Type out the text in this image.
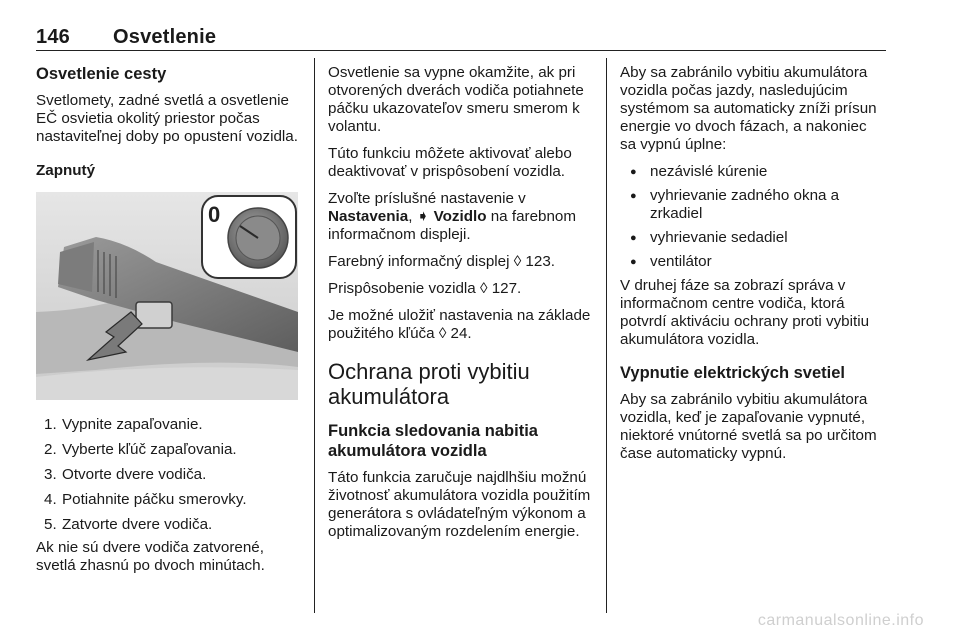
146 Osvetlenie
Osvetlenie cesty

Svetlomety, zadné svetlá a osvetlenie EČ osvietia okolitý priestor počas nastaviteľnej doby po opustení vozidla.

Zapnutý
0
1. Vypnite zapaľovanie.
2. Vyberte kľúč zapaľovania.
3. Otvorte dvere vodiča.
4. Potiahnite páčku smerovky.
5. Zatvorte dvere vodiča.

Ak nie sú dvere vodiča zatvorené, svetlá zhasnú po dvoch minútach.

Osvetlenie sa vypne okamžite, ak pri otvorených dverách vodiča potiahnete páčku ukazovateľov smeru smerom k volantu.

Túto funkciu môžete aktivovať alebo deaktivovať v prispôsobení vozidla.

Zvoľte príslušné nastavenie v
Nastavenia, ➧ Vozidlo na farebnom informačnom displeji.

Farebný informačný displej ◊ 123.

Prispôsobenie vozidla ◊ 127.

Je možné uložiť nastavenia na základe použitého kľúča ◊ 24.

Ochrana proti vybitiu akumulátora
Funkcia sledovania nabitia akumulátora vozidla

Táto funkcia zaručuje najdlhšiu možnú životnosť akumulátora vozidla použitím generátora s ovládateľným výkonom a optimalizovaným rozdelením energie.

Aby sa zabránilo vybitiu akumulátora vozidla počas jazdy, nasledujúcim systémom sa automaticky zníži prísun energie vo dvoch fázach, a nakoniec sa vypnú úplne:

● nezávislé kúrenie
● vyhrievanie zadného okna a zrkadiel
● vyhrievanie sedadiel
● ventilátor

V druhej fáze sa zobrazí správa v informačnom centre vodiča, ktorá potvrdí aktiváciu ochrany proti vybitiu akumulátora vozidla.

Vypnutie elektrických svetiel

Aby sa zabránilo vybitiu akumulátora vozidla, keď je zapaľovanie vypnuté, niektoré vnútorné svetlá sa po určitom čase automaticky vypnú.

carmanualsonline.info
